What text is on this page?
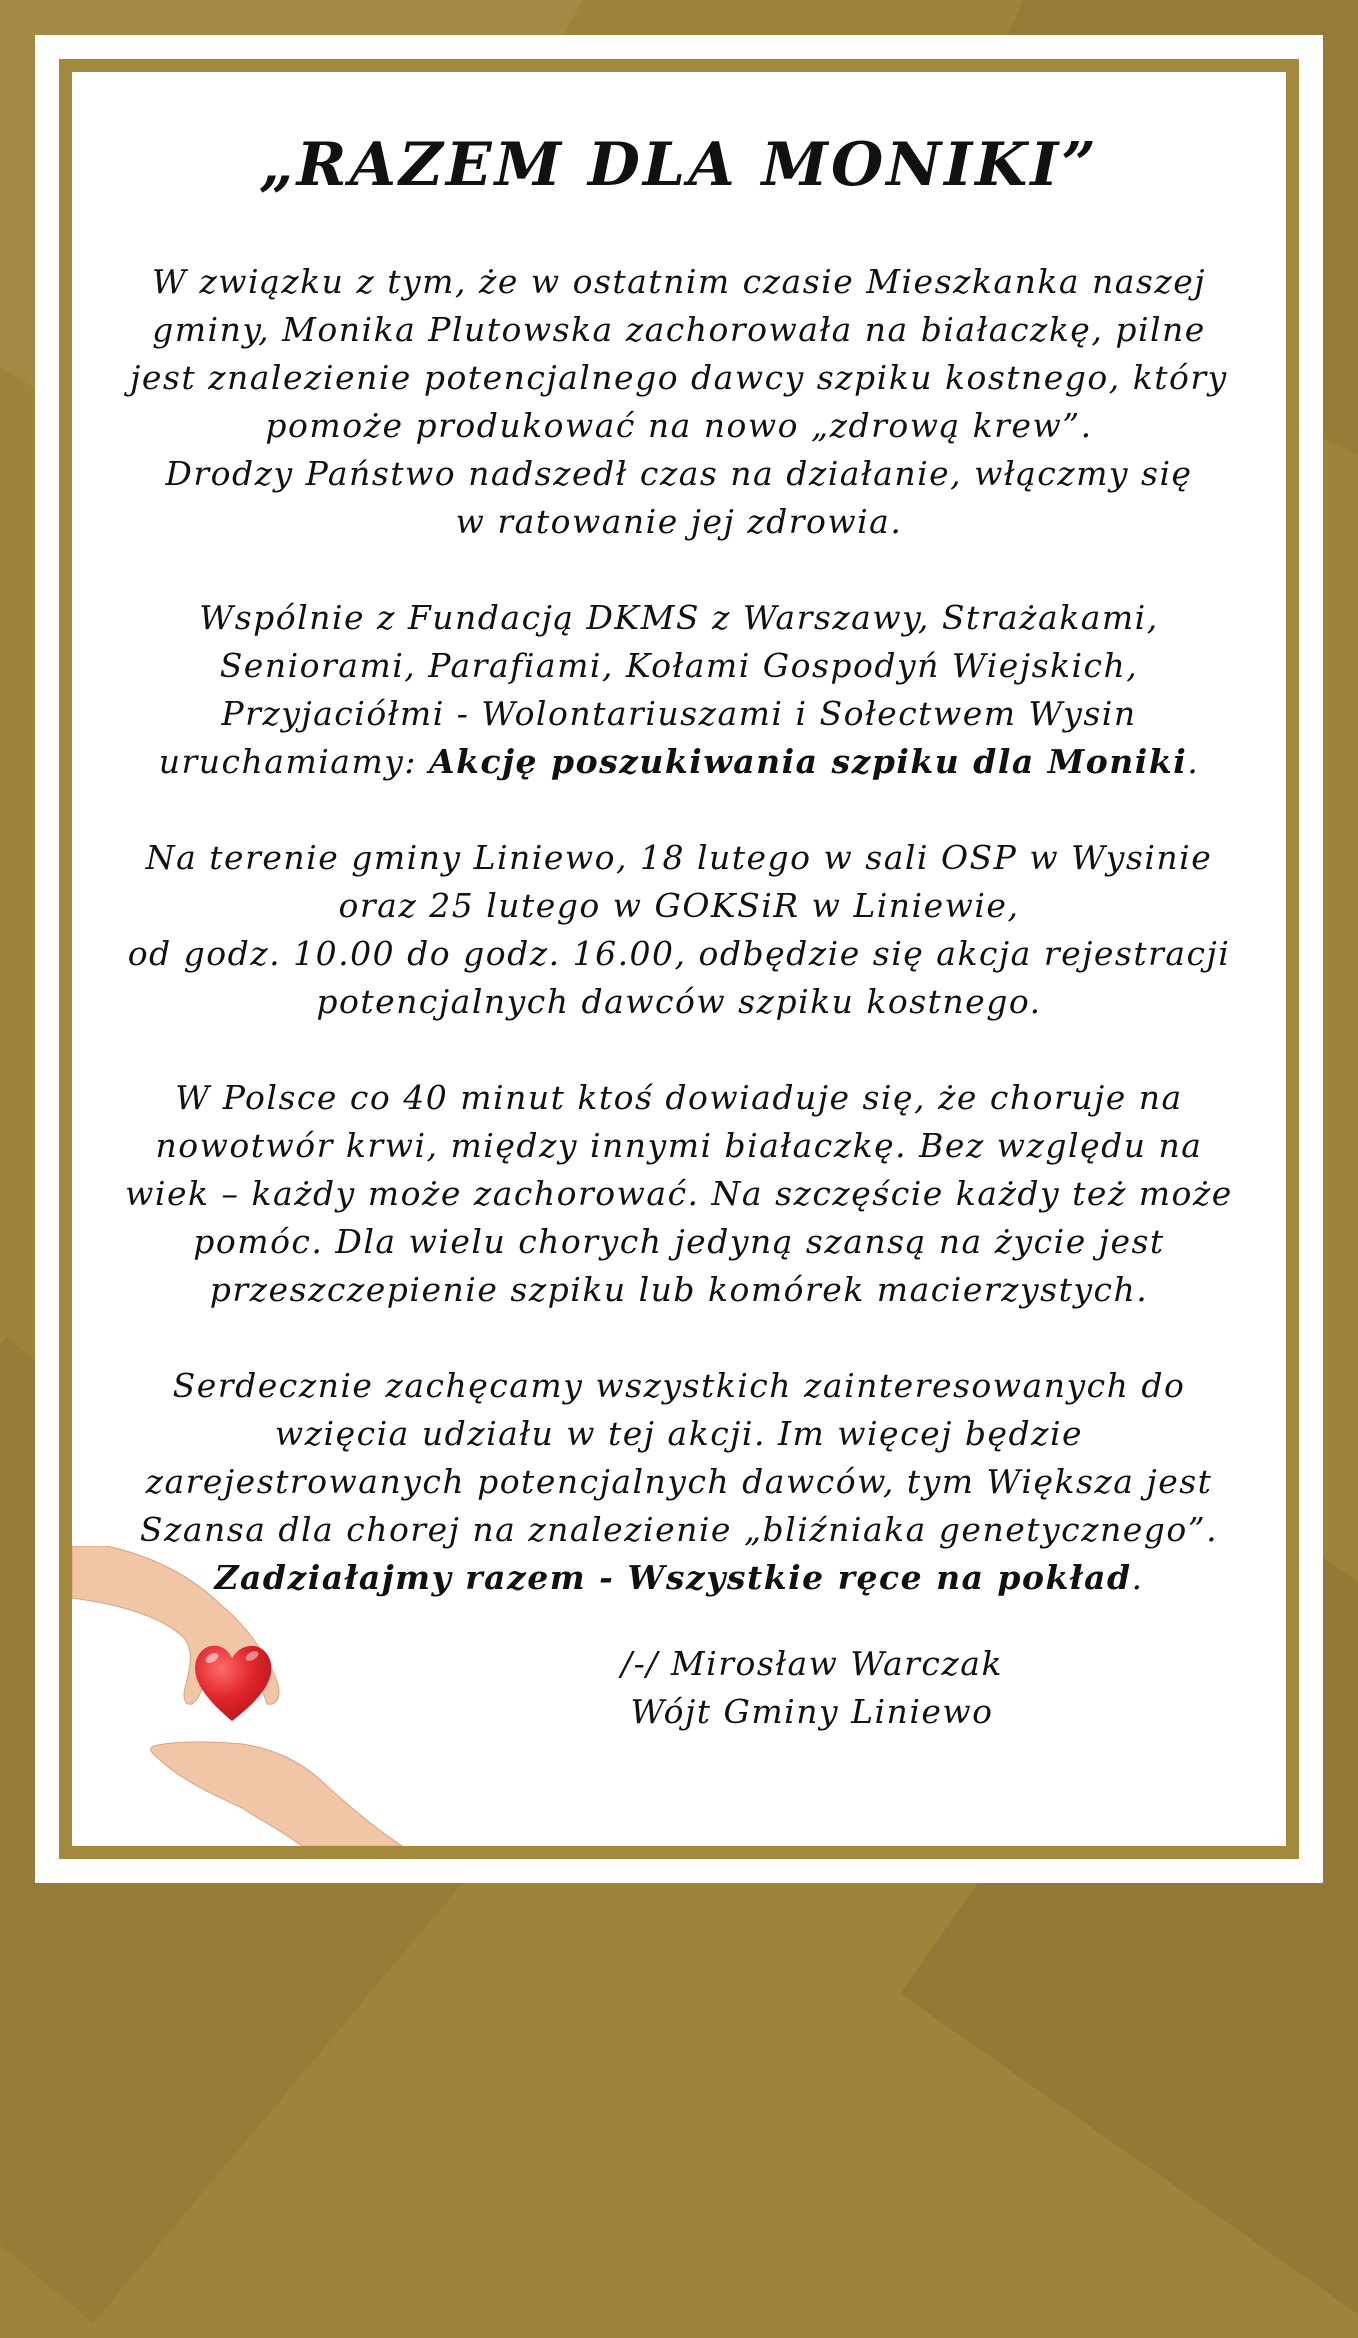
„RAZEM DLA MONIKI”

W związku z tym, że w ostatnim czasie Mieszkanka naszej
gminy, Monika Plutowska zachorowała na białaczkę, pilne
jest znalezienie potencjalnego dawcy szpiku kostnego, który
pomoże produkować na nowo „zdrową krew”.
Drodzy Państwo nadszedł czas na działanie, włączmy się
w ratowanie jej zdrowia.

Wspólnie z Fundacją DKMS z Warszawy, Strażakami,
Seniorami, Parafiami, Kołami Gospodyń Wiejskich,
Przyjaciółmi - Wolontariuszami i Sołectwem Wysin
uruchamiamy: Akcję poszukiwania szpiku dla Moniki.

Na terenie gminy Liniewo, 18 lutego w sali OSP w Wysinie
oraz 25 lutego w GOKSiR w Liniewie,
od godz. 10.00 do godz. 16.00, odbędzie się akcja rejestracji
potencjalnych dawców szpiku kostnego.

W Polsce co 40 minut ktoś dowiaduje się, że choruje na
nowotwór krwi, między innymi białaczkę. Bez względu na
wiek – każdy może zachorować. Na szczęście każdy też może
pomóc. Dla wielu chorych jedyną szansą na życie jest
przeszczepienie szpiku lub komórek macierzystych.

Serdecznie zachęcamy wszystkich zainteresowanych do
wzięcia udziału w tej akcji. Im więcej będzie
zarejestrowanych potencjalnych dawców, tym Większa jest
Szansa dla chorej na znalezienie „bliźniaka genetycznego”.
Zadziałajmy razem - Wszystkie ręce na pokład.

/-/ Mirosław Warczak
Wójt Gminy Liniewo
